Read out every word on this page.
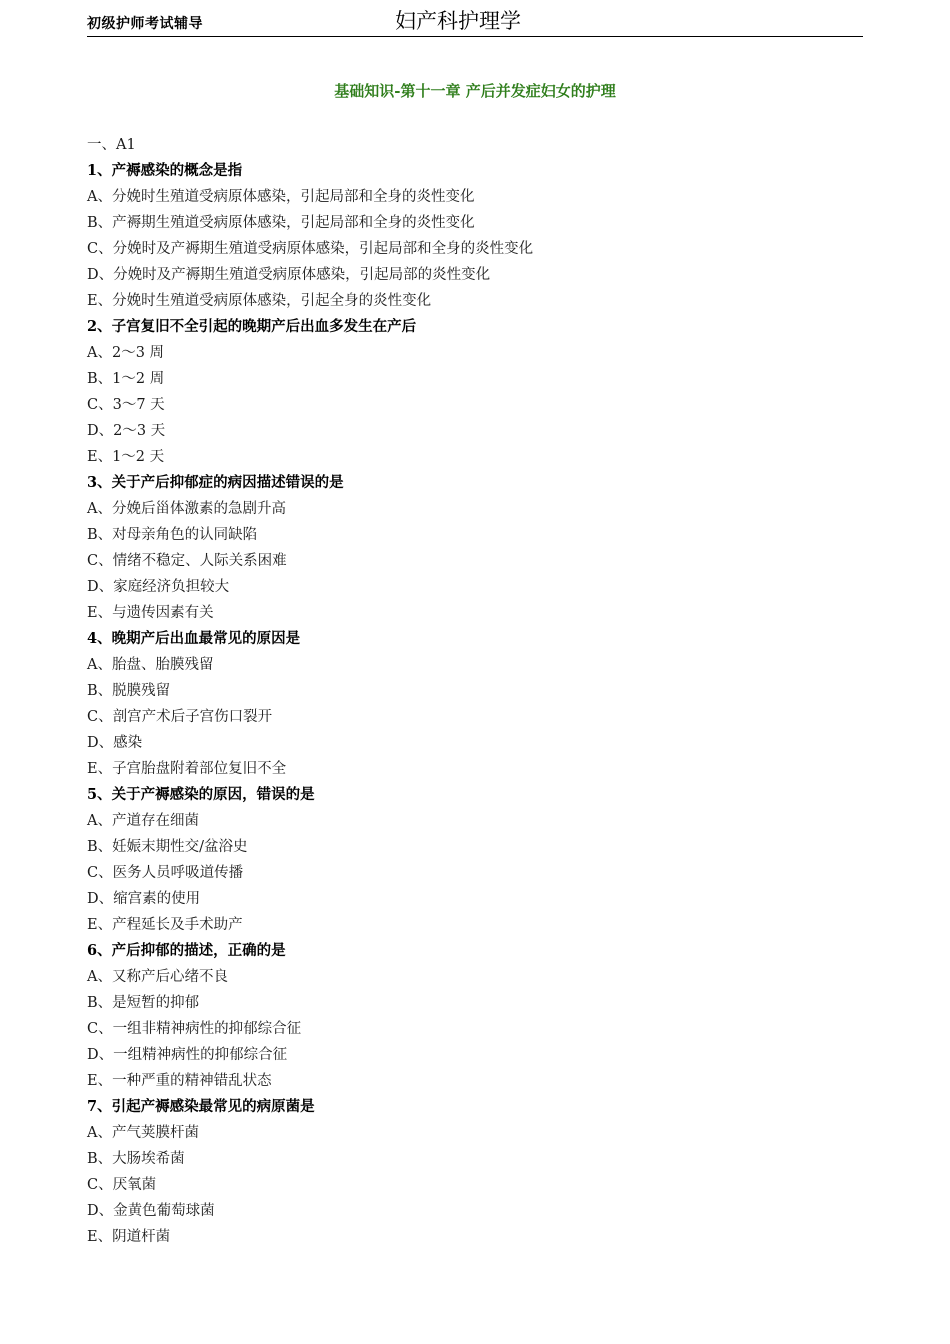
初级护师考试辅导	妇产科护理学
基础知识-第十一章 产后并发症妇女的护理
一、A1
1、产褥感染的概念是指
A、分娩时生殖道受病原体感染，引起局部和全身的炎性变化
B、产褥期生殖道受病原体感染，引起局部和全身的炎性变化
C、分娩时及产褥期生殖道受病原体感染，引起局部和全身的炎性变化
D、分娩时及产褥期生殖道受病原体感染，引起局部的炎性变化
E、分娩时生殖道受病原体感染，引起全身的炎性变化
2、子宫复旧不全引起的晚期产后出血多发生在产后
A、2～3 周
B、1～2 周
C、3～7 天
D、2～3 天
E、1～2 天
3、关于产后抑郁症的病因描述错误的是
A、分娩后甾体激素的急剧升高
B、对母亲角色的认同缺陷
C、情绪不稳定、人际关系困难
D、家庭经济负担较大
E、与遗传因素有关
4、晚期产后出血最常见的原因是
A、胎盘、胎膜残留
B、脱膜残留
C、剖宫产术后子宫伤口裂开
D、感染
E、子宫胎盘附着部位复旧不全
5、关于产褥感染的原因，错误的是
A、产道存在细菌
B、妊娠末期性交/盆浴史
C、医务人员呼吸道传播
D、缩宫素的使用
E、产程延长及手术助产
6、产后抑郁的描述，正确的是
A、又称产后心绪不良
B、是短暂的抑郁
C、一组非精神病性的抑郁综合征
D、一组精神病性的抑郁综合征
E、一种严重的精神错乱状态
7、引起产褥感染最常见的病原菌是
A、产气荚膜杆菌
B、大肠埃希菌
C、厌氧菌
D、金黄色葡萄球菌
E、阴道杆菌
